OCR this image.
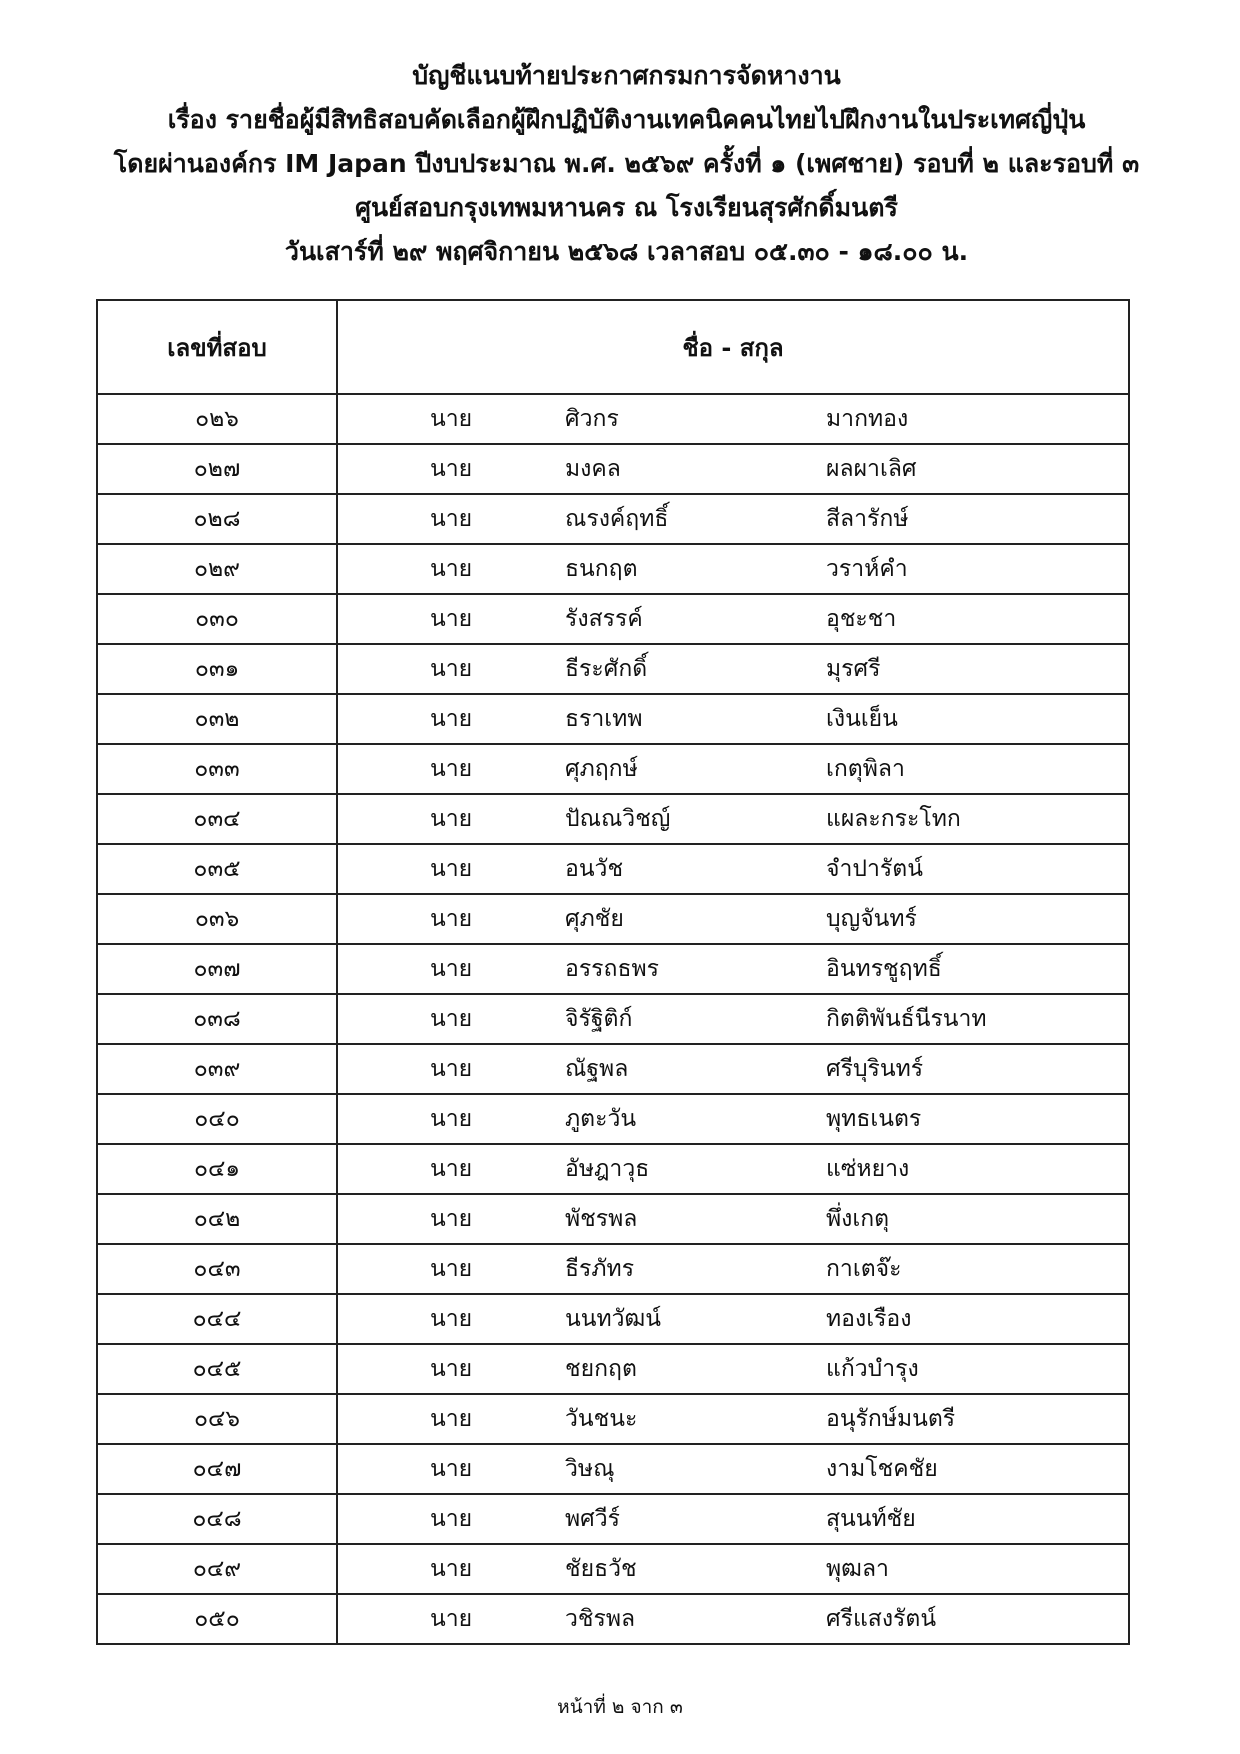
บัญชีแนบท้ายประกาศกรมการจัดหางาน
เรื่อง รายชื่อผู้มีสิทธิสอบคัดเลือกผู้ฝึกปฏิบัติงานเทคนิคคนไทยไปฝึกงานในประเทศญี่ปุ่น
โดยผ่านองค์กร IM Japan ปีงบประมาณ พ.ศ. ๒๕๖๙ ครั้งที่ ๑ (เพศชาย) รอบที่ ๒ และรอบที่ ๓
ศูนย์สอบกรุงเทพมหานคร ณ โรงเรียนสุรศักดิ์มนตรี
วันเสาร์ที่ ๒๙ พฤศจิกายน ๒๕๖๘ เวลาสอบ ๐๕.๓๐ - ๑๘.๐๐ น.
เลขที่สอบ	ชื่อ - สกุล
๐๒๖	นาย ศิวกร มากทอง

๐๒๗	นาย มงคล ผลผาเลิศ

๐๒๘	นาย ณรงค์ฤทธิ์ สีลารักษ์

๐๒๙	นาย ธนกฤต วราห์คำ

๐๓๐	นาย รังสรรค์ อุชะชา

๐๓๑	นาย ธีระศักดิ์ มุรศรี

๐๓๒	นาย ธราเทพ เงินเย็น

๐๓๓	นาย ศุภฤกษ์ เกตุพิลา

๐๓๔	นาย ปัณณวิชญ์ แผละกระโทก

๐๓๕	นาย อนวัช จำปารัตน์

๐๓๖	นาย ศุภชัย บุญจันทร์

๐๓๗	นาย อรรถธพร อินทรชูฤทธิ์

๐๓๘	นาย จิรัฐิติก์ กิตติพันธ์นีรนาท

๐๓๙	นาย ณัฐพล ศรีบุรินทร์

๐๔๐	นาย ภูตะวัน พุทธเนตร

๐๔๑	นาย อัษฎาวุธ แซ่หยาง

๐๔๒	นาย พัชรพล พึ่งเกตุ

๐๔๓	นาย ธีรภัทร กาเตจ๊ะ

๐๔๔	นาย นนทวัฒน์ ทองเรือง

๐๔๕	นาย ชยกฤต แก้วบำรุง

๐๔๖	นาย วันชนะ อนุรักษ์มนตรี

๐๔๗	นาย วิษณุ งามโชคชัย

๐๔๘	นาย พศวีร์ สุนนท์ชัย

๐๔๙	นาย ชัยธวัช พุฒลา

๐๕๐	นาย วชิรพล ศรีแสงรัตน์
หน้าที่ ๒ จาก ๓
